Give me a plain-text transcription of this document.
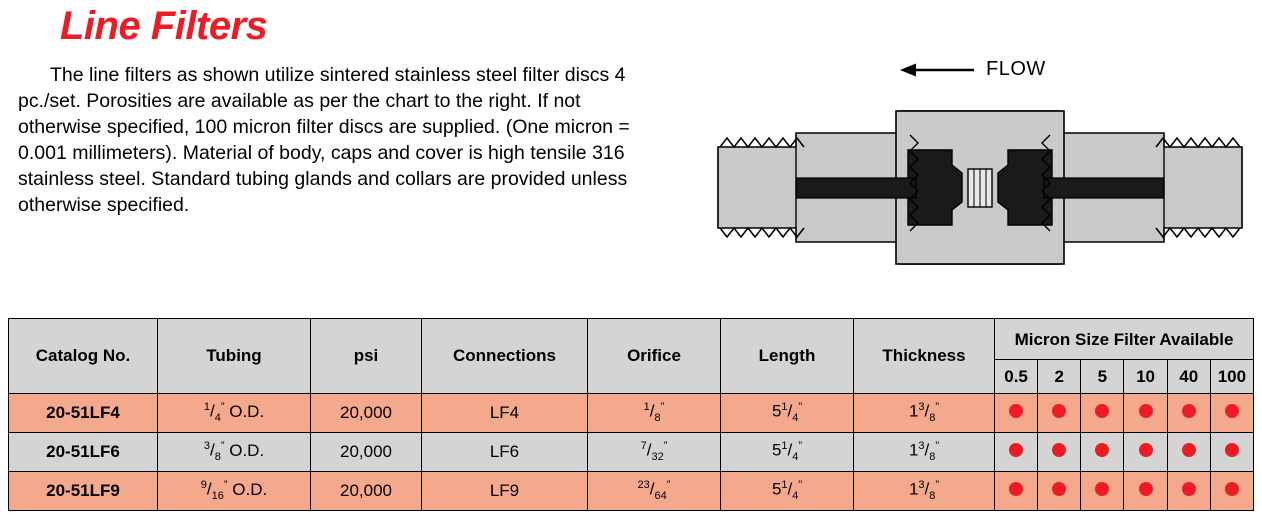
Line Filters
The line filters as shown utilize sintered stainless steel filter discs 4 pc./set. Porosities are available as per the chart to the right. If not otherwise specified, 100 micron filter discs are supplied. (One micron = 0.001 millimeters). Material of body, caps and cover is high tensile 316 stainless steel. Standard tubing glands and collars are provided unless otherwise specified.
FLOW
Catalog No.	Tubing	psi	Connections	Orifice	Length	Thickness	Micron Size Filter Available					
							0.5	2	5	10	40	100
20-51LF4	$^1/_4^”$ O.D.	20,000	LF4	$^1/_8^”$	$5^1/_4^”$	$1^3/_8^”$						
20-51LF6	$^3/_8^”$ O.D.	20,000	LF6	$^7/_{32}^”$	$5^1/_4^”$	$1^3/_8^”$						
20-51LF9	$^9/_{16}^”$ O.D.	20,000	LF9	$^{23}/_{64}^”$	$5^1/_4^”$	$1^3/_8^”$						
